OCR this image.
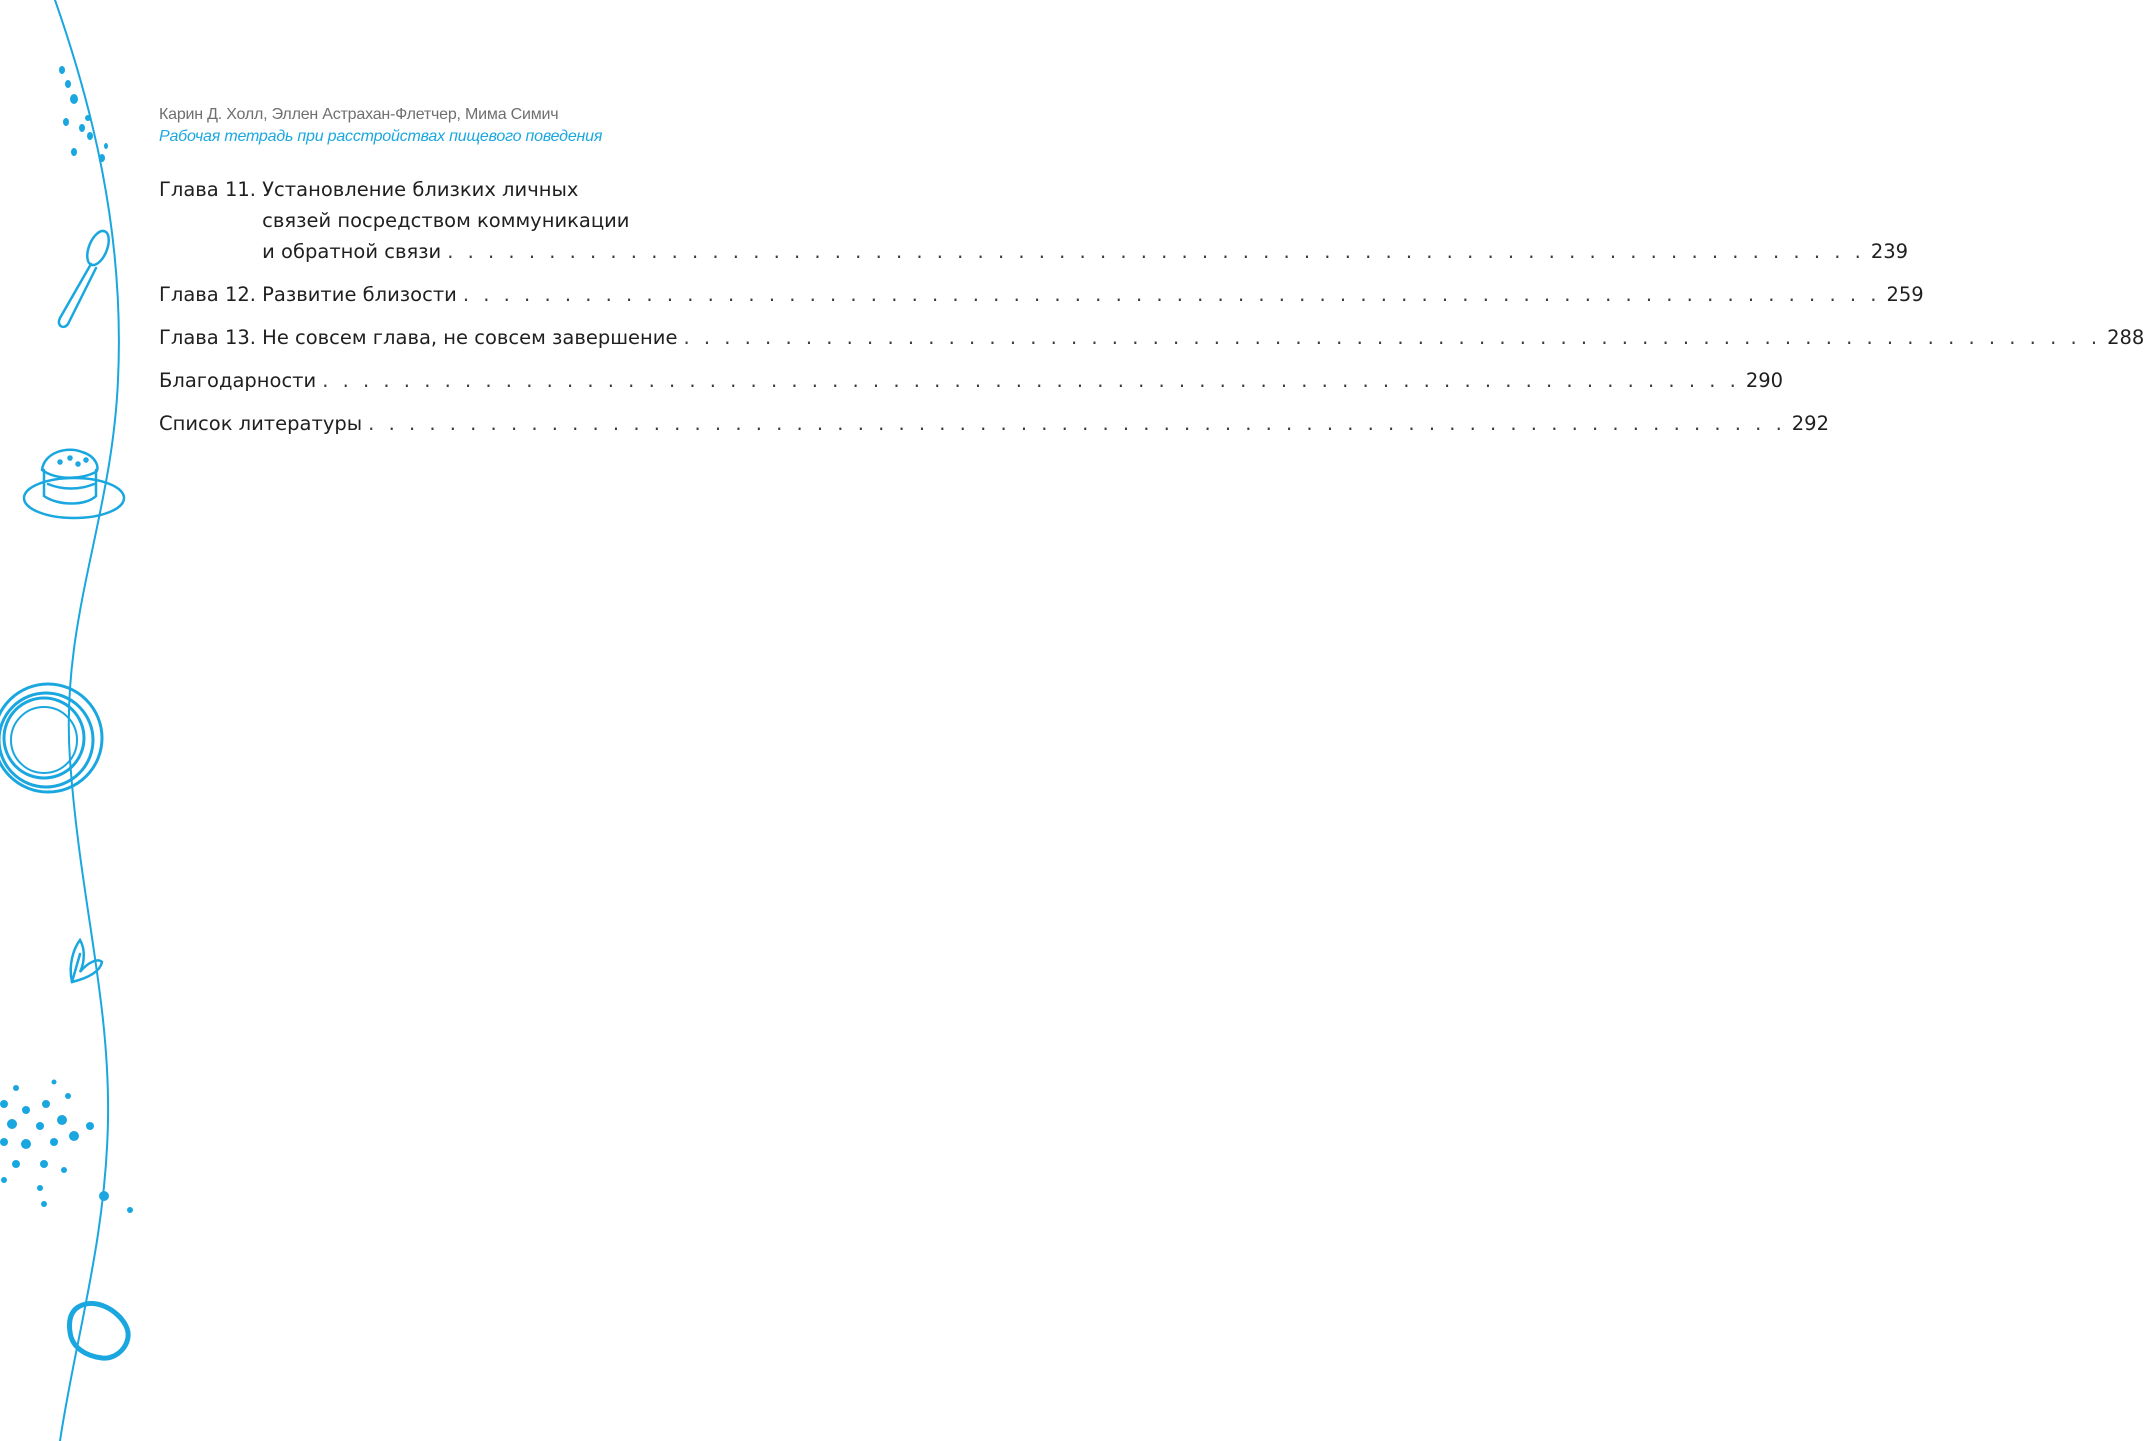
Карин Д. Холл, Эллен Астрахан-Флетчер, Мима Симич
Рабочая тетрадь при расстройствах пищевого поведения
Глава 11.
Установление близких личных
связей посредством коммуникации
и обратной связи . . . . . . . . . . . . . . . . . . . . . . . . . . . . . . . . . . . . . . . . . . . . . . . . . . . . . . . . . . . . . . . . . . . . . . 239
Глава 12.
Развитие близости . . . . . . . . . . . . . . . . . . . . . . . . . . . . . . . . . . . . . . . . . . . . . . . . . . . . . . . . . . . . . . . . . . . . . . 259
Глава 13.
Не совсем глава, не совсем завершение . . . . . . . . . . . . . . . . . . . . . . . . . . . . . . . . . . . . . . . . . . . . . . . . . . . . . . . . . . . . . . . . . . . . . . 288
Благодарности . . . . . . . . . . . . . . . . . . . . . . . . . . . . . . . . . . . . . . . . . . . . . . . . . . . . . . . . . . . . . . . . . . . . . . 290
Список литературы . . . . . . . . . . . . . . . . . . . . . . . . . . . . . . . . . . . . . . . . . . . . . . . . . . . . . . . . . . . . . . . . . . . . . . 292
